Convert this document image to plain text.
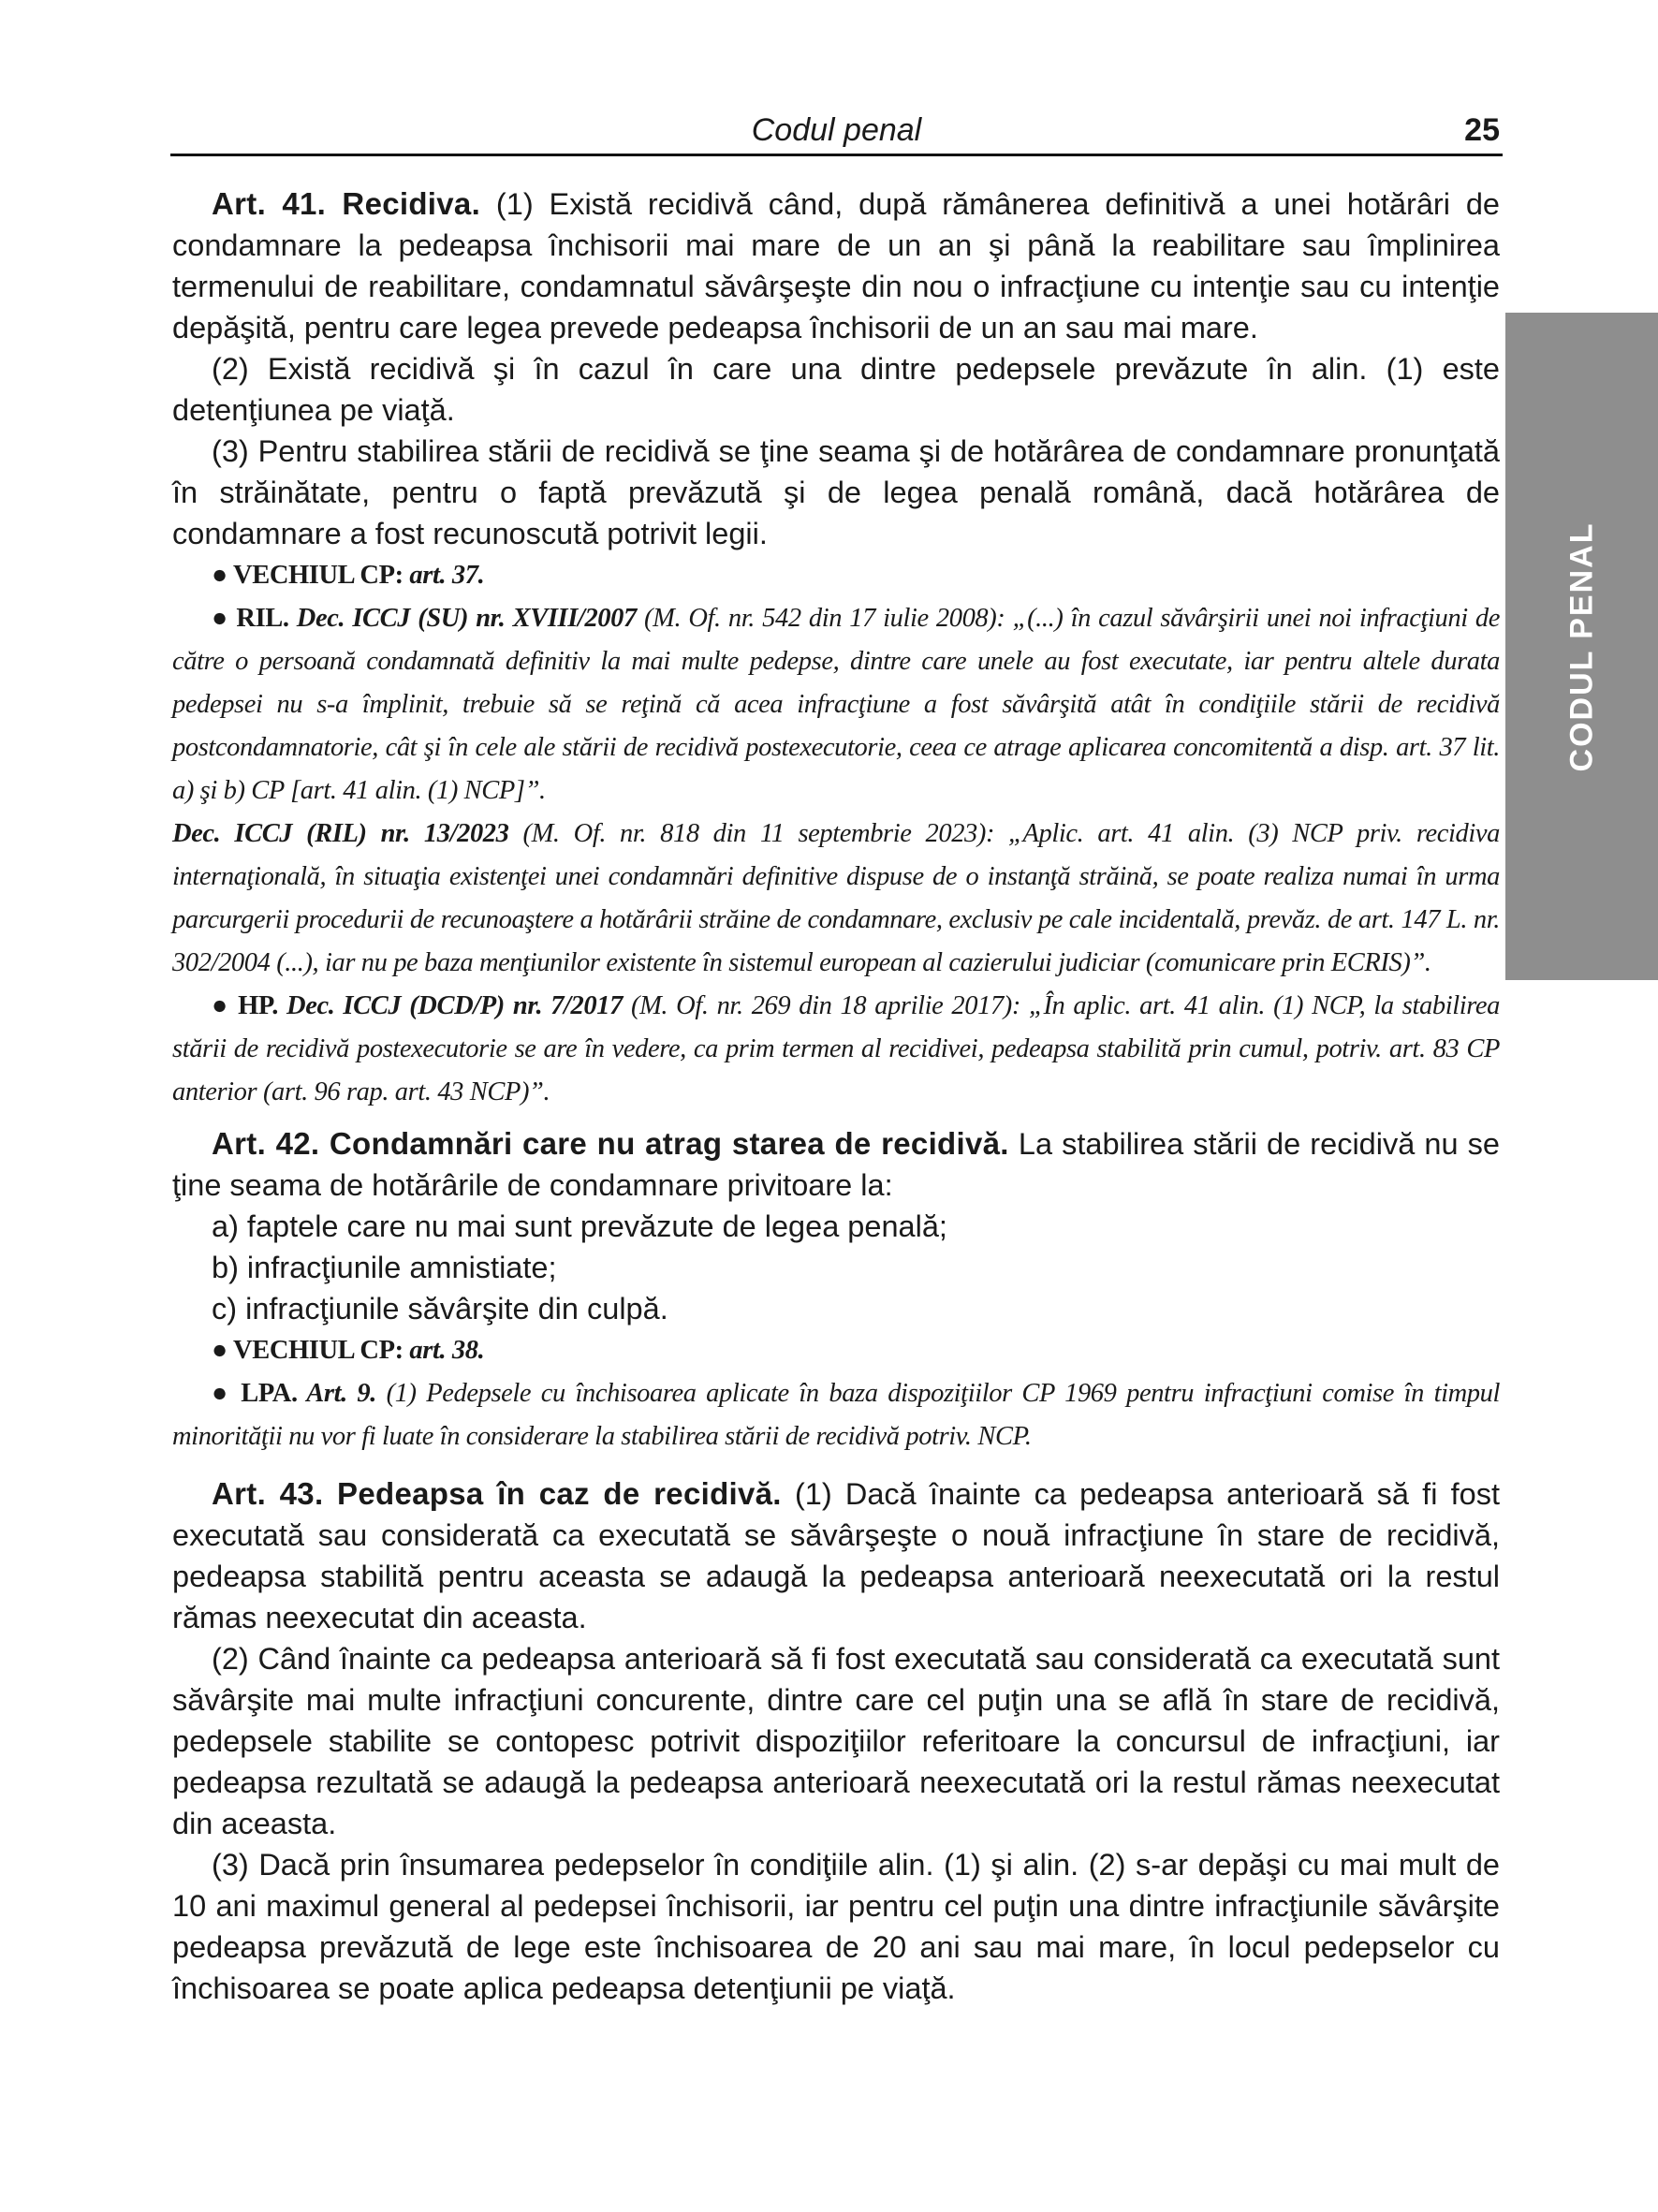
Codul penal	25
CODUL PENAL

Art. 41. Recidiva. (1) Există recidivă când, după rămânerea definitivă a unei hotărâri de condamnare la pedeapsa închisorii mai mare de un an şi până la reabilitare sau împlinirea termenului de reabilitare, condamnatul săvârşeşte din nou o infracţiune cu intenţie sau cu intenţie depăşită, pentru care legea prevede pedeapsa închisorii de un an sau mai mare.

(2) Există recidivă şi în cazul în care una dintre pedepsele prevăzute în alin. (1) este detenţiunea pe viaţă.

(3) Pentru stabilirea stării de recidivă se ţine seama şi de hotărârea de condamnare pronunţată în străinătate, pentru o faptă prevăzută şi de legea penală română, dacă hotărârea de condamnare a fost recunoscută potrivit legii.

● VECHIUL CP: art. 37.

● RIL. Dec. ICCJ (SU) nr. XVIII/2007 (M. Of. nr. 542 din 17 iulie 2008): „(...) în cazul săvârşirii unei noi infracţiuni de către o persoană condamnată definitiv la mai multe pedepse, dintre care unele au fost executate, iar pentru altele durata pedepsei nu s-a împlinit, trebuie să se reţină că acea infracţiune a fost săvârşită atât în condiţiile stării de recidivă postcondamnatorie, cât şi în cele ale stării de recidivă postexecutorie, ceea ce atrage aplicarea concomitentă a disp. art. 37 lit. a) şi b) CP [art. 41 alin. (1) NCP]”.

Dec. ICCJ (RIL) nr. 13/2023 (M. Of. nr. 818 din 11 septembrie 2023): „Aplic. art. 41 alin. (3) NCP priv. recidiva internaţională, în situaţia existenţei unei condamnări definitive dispuse de o instanţă străină, se poate realiza numai în urma parcurgerii procedurii de recunoaştere a hotărârii străine de condamnare, exclusiv pe cale incidentală, prevăz. de art. 147 L. nr. 302/2004 (...), iar nu pe baza menţiunilor existente în sistemul european al cazierului judiciar (comunicare prin ECRIS)”.

● HP. Dec. ICCJ (DCD/P) nr. 7/2017 (M. Of. nr. 269 din 18 aprilie 2017): „În aplic. art. 41 alin. (1) NCP, la stabilirea stării de recidivă postexecutorie se are în vedere, ca prim termen al recidivei, pedeapsa stabilită prin cumul, potriv. art. 83 CP anterior (art. 96 rap. art. 43 NCP)”.

Art. 42. Condamnări care nu atrag starea de recidivă. La stabilirea stării de recidivă nu se ţine seama de hotărârile de condamnare privitoare la:

a) faptele care nu mai sunt prevăzute de legea penală;

b) infracţiunile amnistiate;

c) infracţiunile săvârşite din culpă.

● VECHIUL CP: art. 38.

● LPA. Art. 9. (1) Pedepsele cu închisoarea aplicate în baza dispoziţiilor CP 1969 pentru infracţiuni comise în timpul minorităţii nu vor fi luate în considerare la stabilirea stării de recidivă potriv. NCP.

Art. 43. Pedeapsa în caz de recidivă. (1) Dacă înainte ca pedeapsa anterioară să fi fost executată sau considerată ca executată se săvârşeşte o nouă infracţiune în stare de recidivă, pedeapsa stabilită pentru aceasta se adaugă la pedeapsa anterioară neexecutată ori la restul rămas neexecutat din aceasta.

(2) Când înainte ca pedeapsa anterioară să fi fost executată sau considerată ca executată sunt săvârşite mai multe infracţiuni concurente, dintre care cel puţin una se află în stare de recidivă, pedepsele stabilite se contopesc potrivit dispoziţiilor referitoare la concursul de infracţiuni, iar pedeapsa rezultată se adaugă la pedeapsa anterioară neexecutată ori la restul rămas neexecutat din aceasta.

(3) Dacă prin însumarea pedepselor în condiţiile alin. (1) şi alin. (2) s-ar depăşi cu mai mult de 10 ani maximul general al pedepsei închisorii, iar pentru cel puţin una dintre infracţiunile săvârşite pedeapsa prevăzută de lege este închisoarea de 20 ani sau mai mare, în locul pedepselor cu închisoarea se poate aplica pedeapsa detenţiunii pe viaţă.
